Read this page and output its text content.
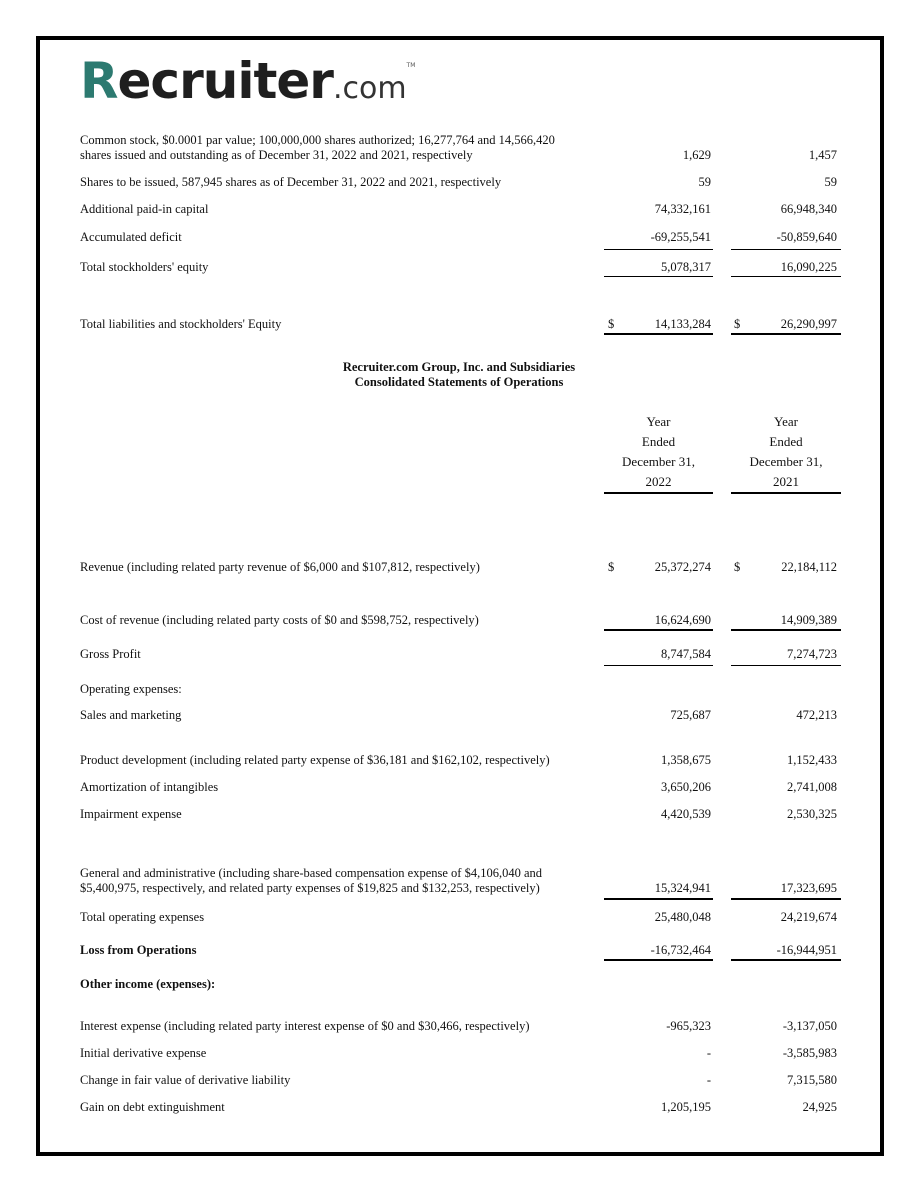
Recruiter.com™
Common stock, $0.0001 par value; 100,000,000 shares authorized; 16,277,764 and 14,566,420
shares issued and outstanding as of December 31, 2022 and 2021, respectively	1,629	1,457
Shares to be issued, 587,945 shares as of December 31, 2022 and 2021, respectively	59	59
Additional paid-in capital	74,332,161	66,948,340
Accumulated deficit	-69,255,541	-50,859,640
Total stockholders' equity	5,078,317	16,090,225
Total liabilities and stockholders' Equity	$	14,133,284 $	26,290,997
Recruiter.com Group, Inc. and Subsidiaries
Consolidated Statements of Operations
Year
Ended
December 31,
2022
Year
Ended
December 31,
2021
Revenue (including related party revenue of $6,000 and $107,812, respectively)	$	25,372,274 $	22,184,112
Cost of revenue (including related party costs of $0 and $598,752, respectively)	16,624,690	14,909,389
Gross Profit	8,747,584	7,274,723
Operating expenses:
Sales and marketing	725,687	472,213
Product development (including related party expense of $36,181 and $162,102, respectively)	1,358,675	1,152,433
Amortization of intangibles	3,650,206	2,741,008
Impairment expense	4,420,539	2,530,325
General and administrative (including share-based compensation expense of $4,106,040 and
$5,400,975, respectively, and related party expenses of $19,825 and $132,253, respectively)	15,324,941	17,323,695
Total operating expenses	25,480,048	24,219,674
Loss from Operations	-16,732,464	-16,944,951
Other income (expenses):
Interest expense (including related party interest expense of $0 and $30,466, respectively)	-965,323	-3,137,050
Initial derivative expense	-	-3,585,983
Change in fair value of derivative liability	-	7,315,580
Gain on debt extinguishment	1,205,195	24,925
